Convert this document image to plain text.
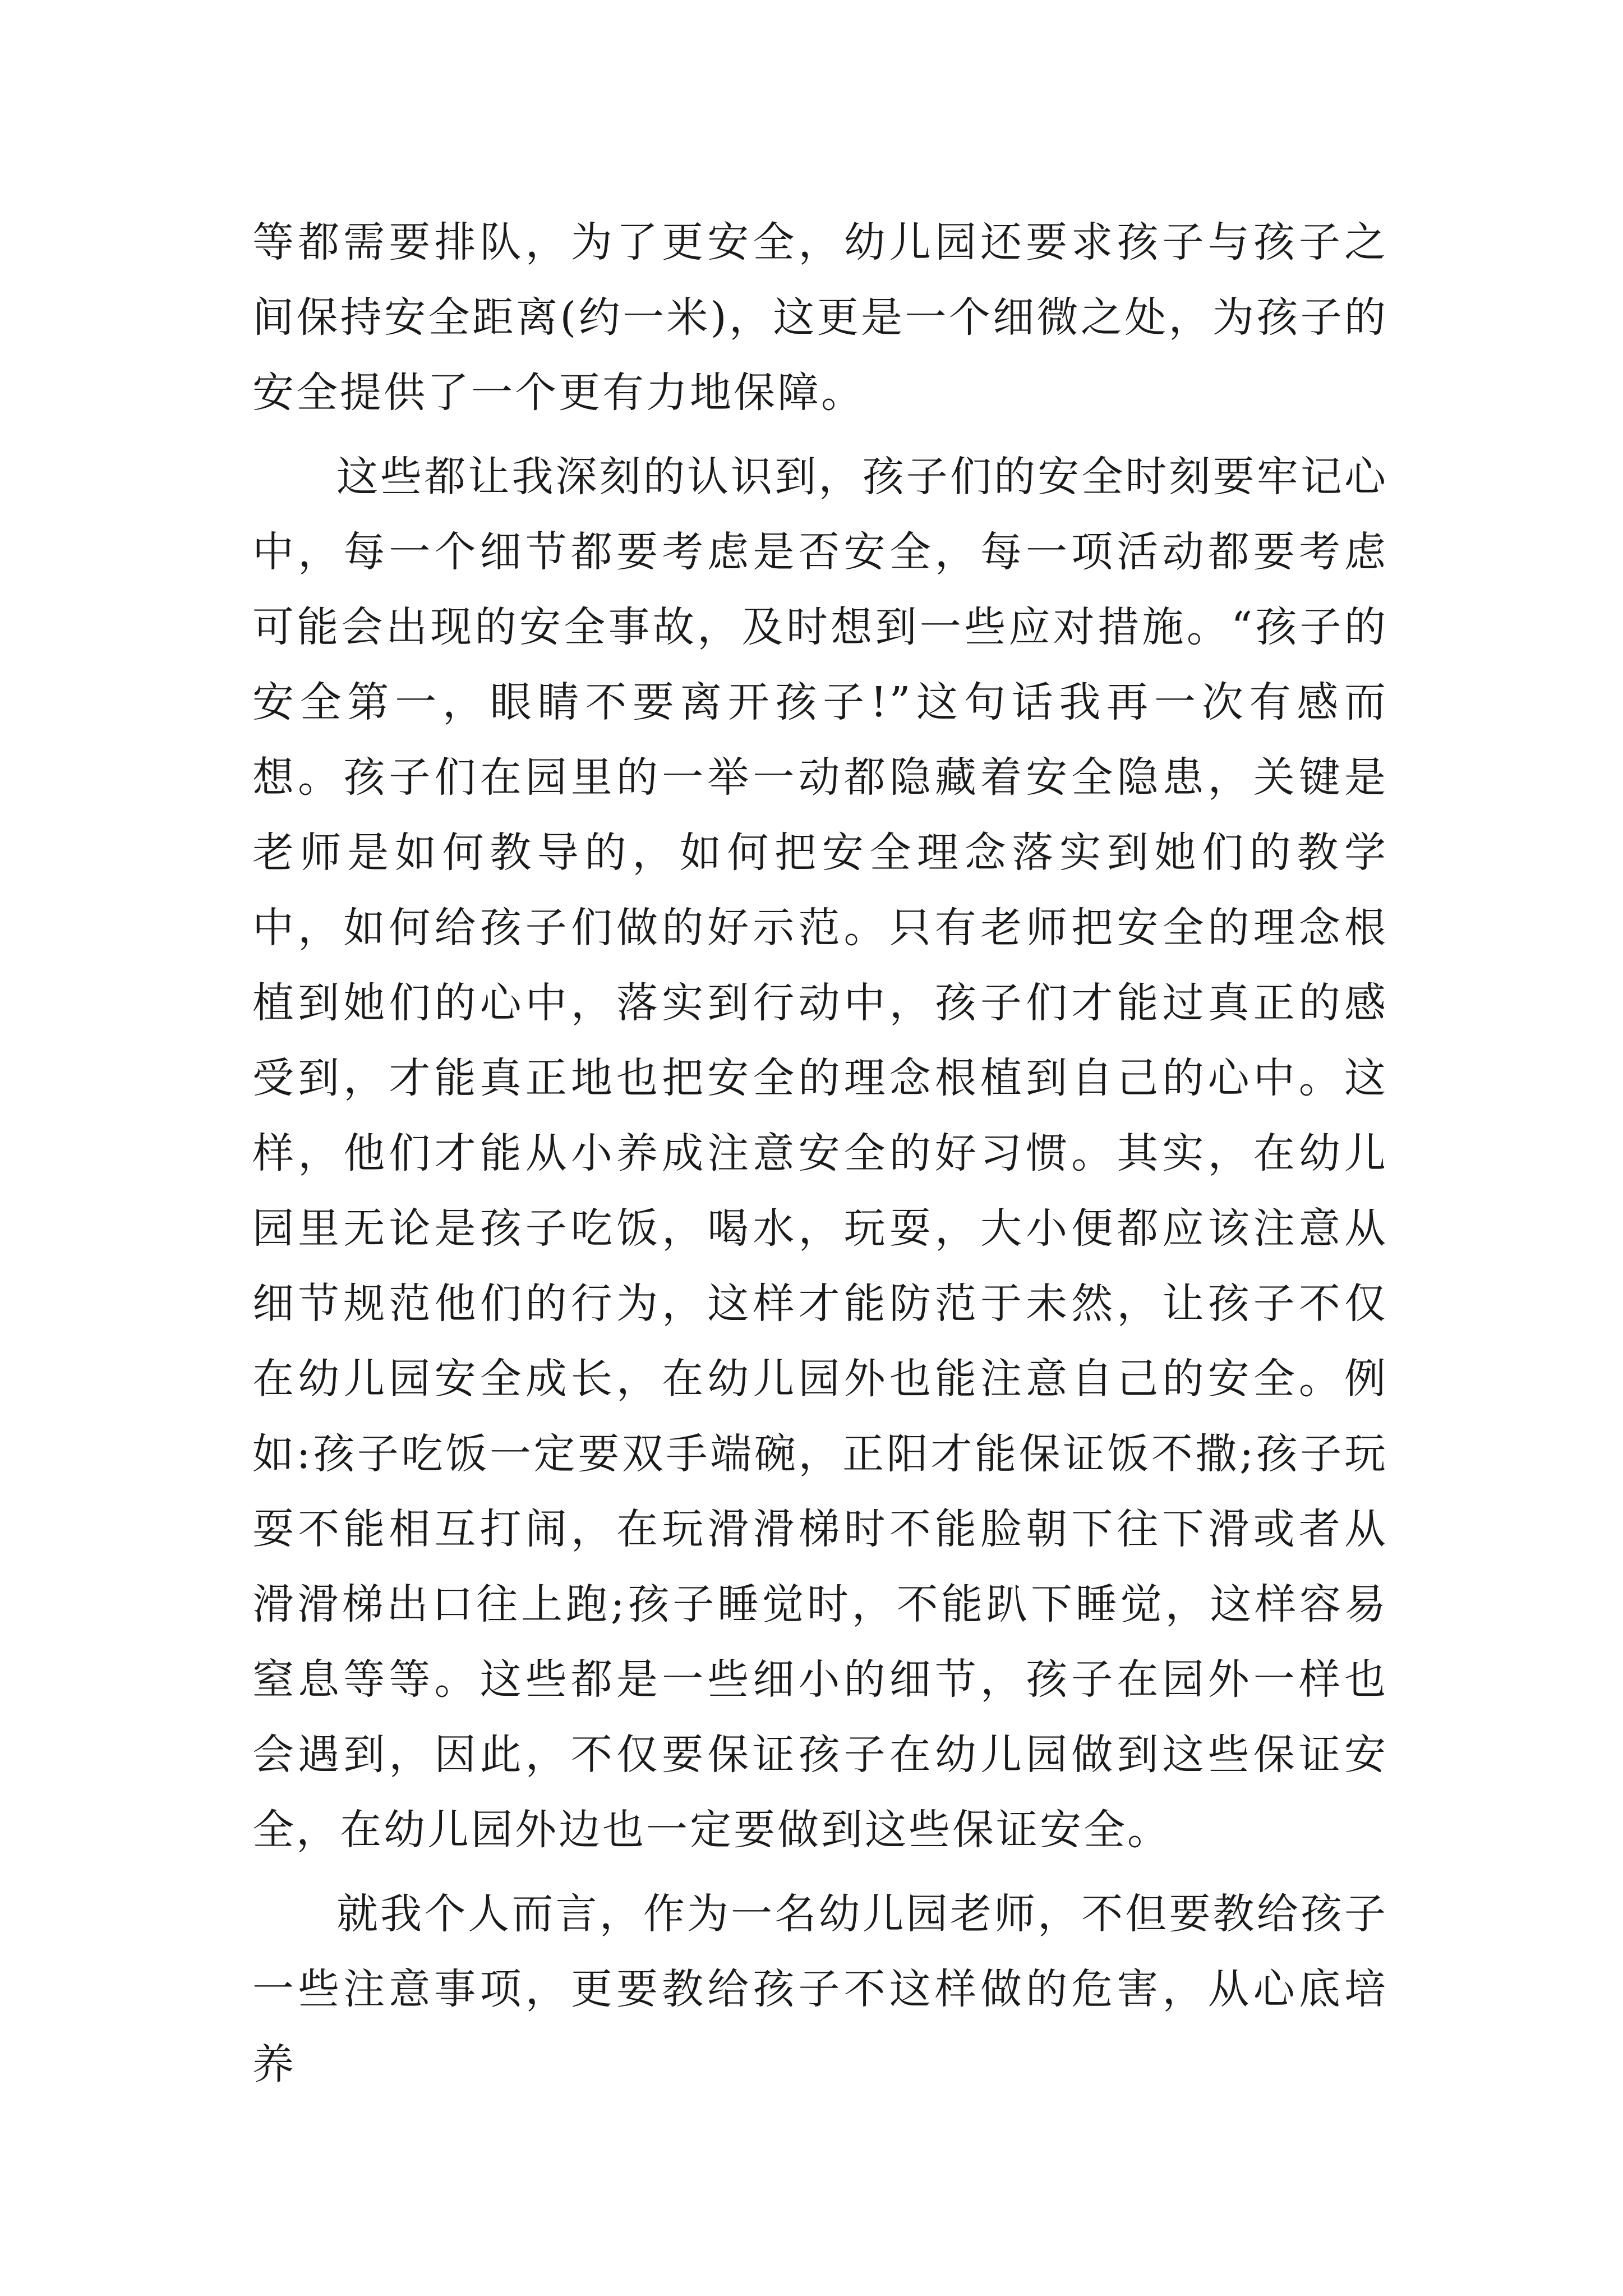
等都需要排队，为了更安全，幼儿园还要求孩子与孩子之间保持安全距离(约一米)，这更是一个细微之处，为孩子的安全提供了一个更有力地保障。

这些都让我深刻的认识到，孩子们的安全时刻要牢记心中，每一个细节都要考虑是否安全，每一项活动都要考虑可能会出现的安全事故，及时想到一些应对措施。“孩子的安全第一，眼睛不要离开孩子!”这句话我再一次有感而想。孩子们在园里的一举一动都隐藏着安全隐患，关键是老师是如何教导的，如何把安全理念落实到她们的教学中，如何给孩子们做的好示范。只有老师把安全的理念根植到她们的心中，落实到行动中，孩子们才能过真正的感受到，才能真正地也把安全的理念根植到自己的心中。这样，他们才能从小养成注意安全的好习惯。其实，在幼儿园里无论是孩子吃饭，喝水，玩耍，大小便都应该注意从细节规范他们的行为，这样才能防范于未然，让孩子不仅在幼儿园安全成长，在幼儿园外也能注意自己的安全。例如:孩子吃饭一定要双手端碗，正阳才能保证饭不撒;孩子玩耍不能相互打闹，在玩滑滑梯时不能脸朝下往下滑或者从滑滑梯出口往上跑;孩子睡觉时，不能趴下睡觉，这样容易窒息等等。这些都是一些细小的细节，孩子在园外一样也会遇到，因此，不仅要保证孩子在幼儿园做到这些保证安全，在幼儿园外边也一定要做到这些保证安全。

就我个人而言，作为一名幼儿园老师，不但要教给孩子一些注意事项，更要教给孩子不这样做的危害，从心底培养
